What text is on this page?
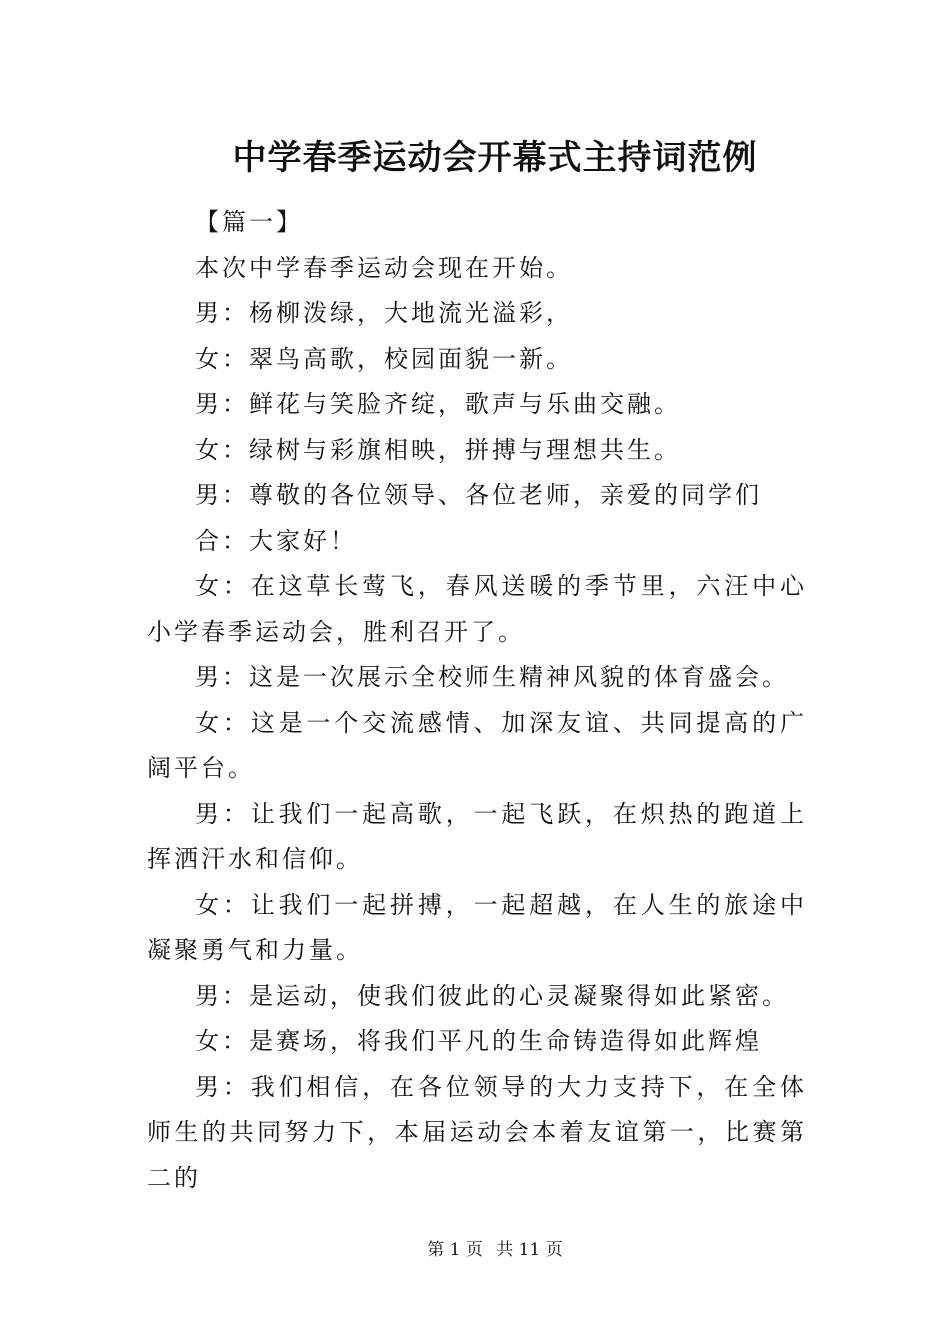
中学春季运动会开幕式主持词范例

【篇一】

本次中学春季运动会现在开始。

男：杨柳泼绿，大地流光溢彩，

女：翠鸟高歌，校园面貌一新。

男：鲜花与笑脸齐绽，歌声与乐曲交融。

女：绿树与彩旗相映，拼搏与理想共生。

男：尊敬的各位领导、各位老师，亲爱的同学们

合：大家好！

女：在这草长莺飞，春风送暖的季节里，六汪中心小学春季运动会，胜利召开了。

男：这是一次展示全校师生精神风貌的体育盛会。

女：这是一个交流感情、加深友谊、共同提高的广阔平台。

男：让我们一起高歌，一起飞跃，在炽热的跑道上挥洒汗水和信仰。

女：让我们一起拼搏，一起超越，在人生的旅途中凝聚勇气和力量。

男：是运动，使我们彼此的心灵凝聚得如此紧密。

女：是赛场，将我们平凡的生命铸造得如此辉煌

男：我们相信，在各位领导的大力支持下，在全体师生的共同努力下，本届运动会本着友谊第一，比赛第二的

第 1 页 共 11 页
